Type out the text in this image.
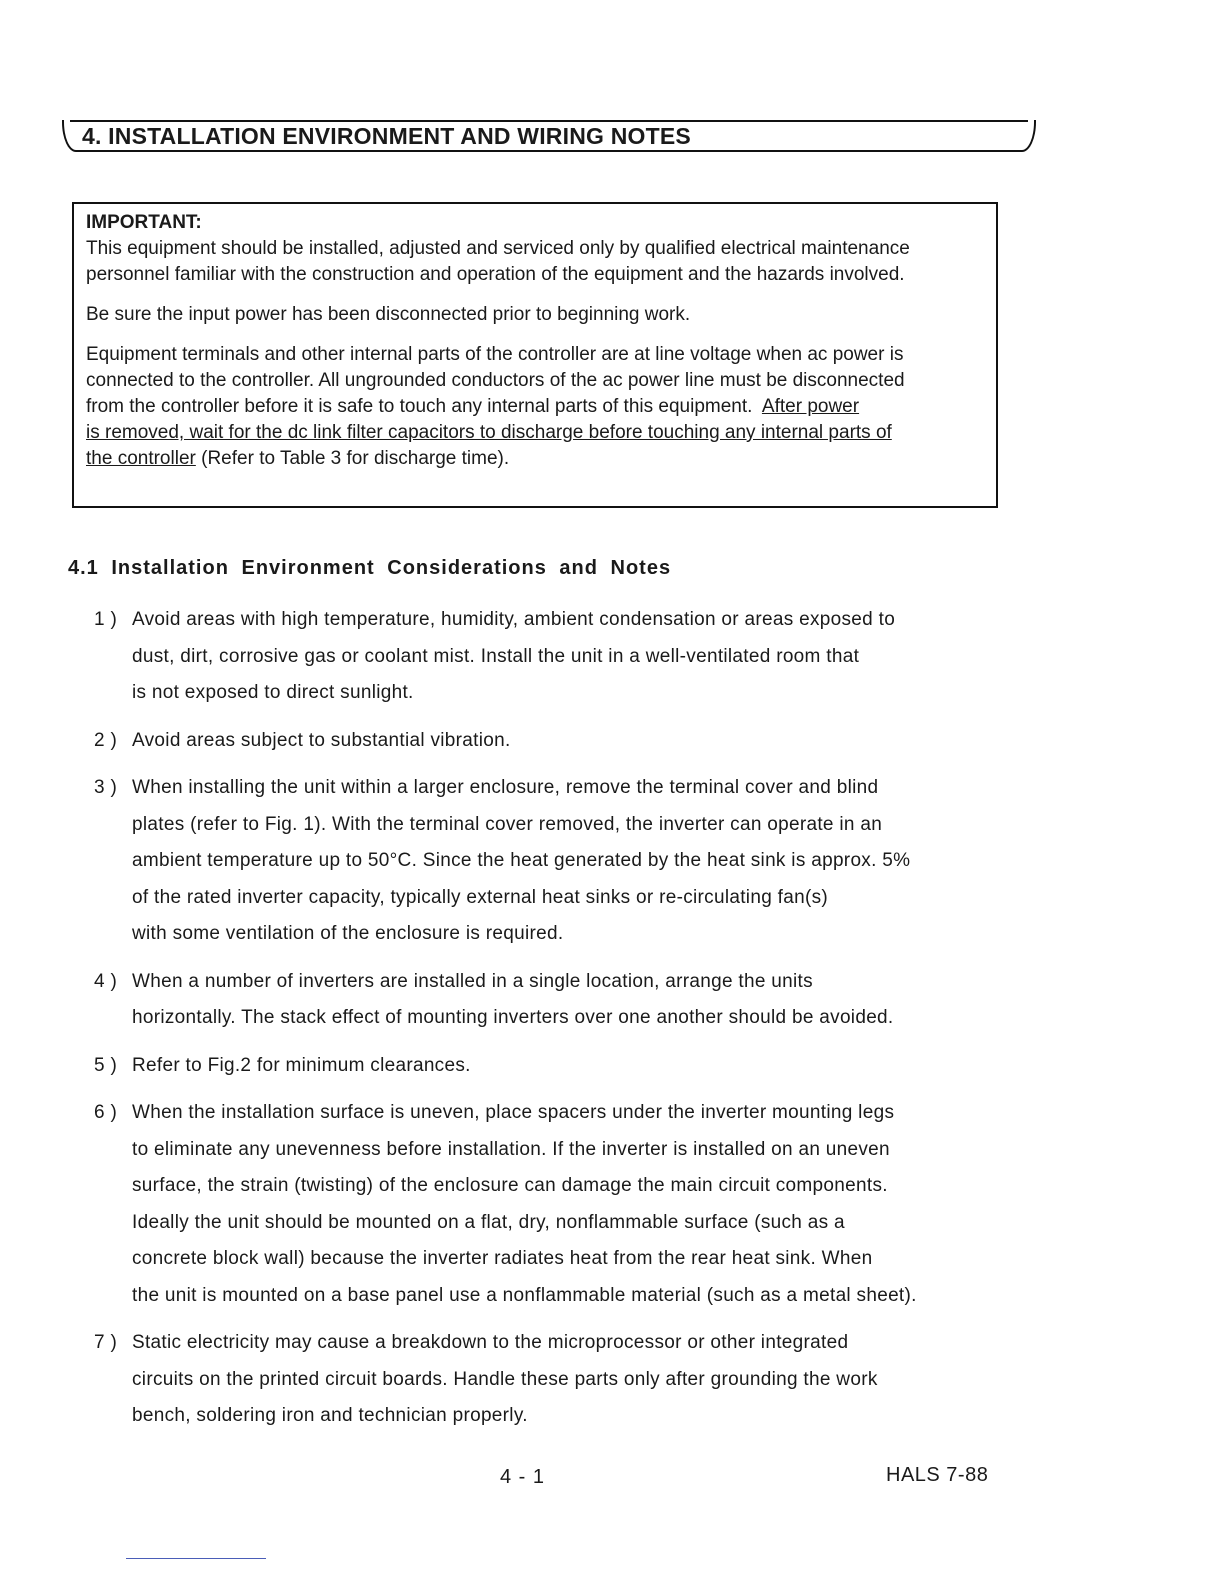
4. INSTALLATION ENVIRONMENT AND WIRING NOTES

IMPORTANT:

This equipment should be installed, adjusted and serviced only by qualified electrical maintenance
personnel familiar with the construction and operation of the equipment and the hazards involved.

Be sure the input power has been disconnected prior to beginning work.

Equipment terminals and other internal parts of the controller are at line voltage when ac power is
connected to the controller. All ungrounded conductors of the ac power line must be disconnected
from the controller before it is safe to touch any internal parts of this equipment.  After power
is removed, wait for the dc link filter capacitors to discharge before touching any internal parts of
the controller (Refer to Table 3 for discharge time).

4.1 Installation Environment Considerations and Notes
1 ) Avoid areas with high temperature, humidity, ambient condensation or areas exposed to
dust, dirt, corrosive gas or coolant mist. Install the unit in a well-ventilated room that
is not exposed to direct sunlight.
2 ) Avoid areas subject to substantial vibration.
3 ) When installing the unit within a larger enclosure, remove the terminal cover and blind
plates (refer to Fig. 1). With the terminal cover removed, the inverter can operate in an
ambient temperature up to 50°C. Since the heat generated by the heat sink is approx. 5%
of the rated inverter capacity, typically external heat sinks or re-circulating fan(s)
with some ventilation of the enclosure is required.
4 ) When a number of inverters are installed in a single location, arrange the units
horizontally. The stack effect of mounting inverters over one another should be avoided.
5 ) Refer to Fig.2 for minimum clearances.
6 ) When the installation surface is uneven, place spacers under the inverter mounting legs
to eliminate any unevenness before installation. If the inverter is installed on an uneven
surface, the strain (twisting) of the enclosure can damage the main circuit components.
Ideally the unit should be mounted on a flat, dry, nonflammable surface (such as a
concrete block wall) because the inverter radiates heat from the rear heat sink. When
the unit is mounted on a base panel use a nonflammable material (such as a metal sheet).
7 ) Static electricity may cause a breakdown to the microprocessor or other integrated
circuits on the printed circuit boards. Handle these parts only after grounding the work
bench, soldering iron and technician properly.
4 - 1	HALS 7-88
